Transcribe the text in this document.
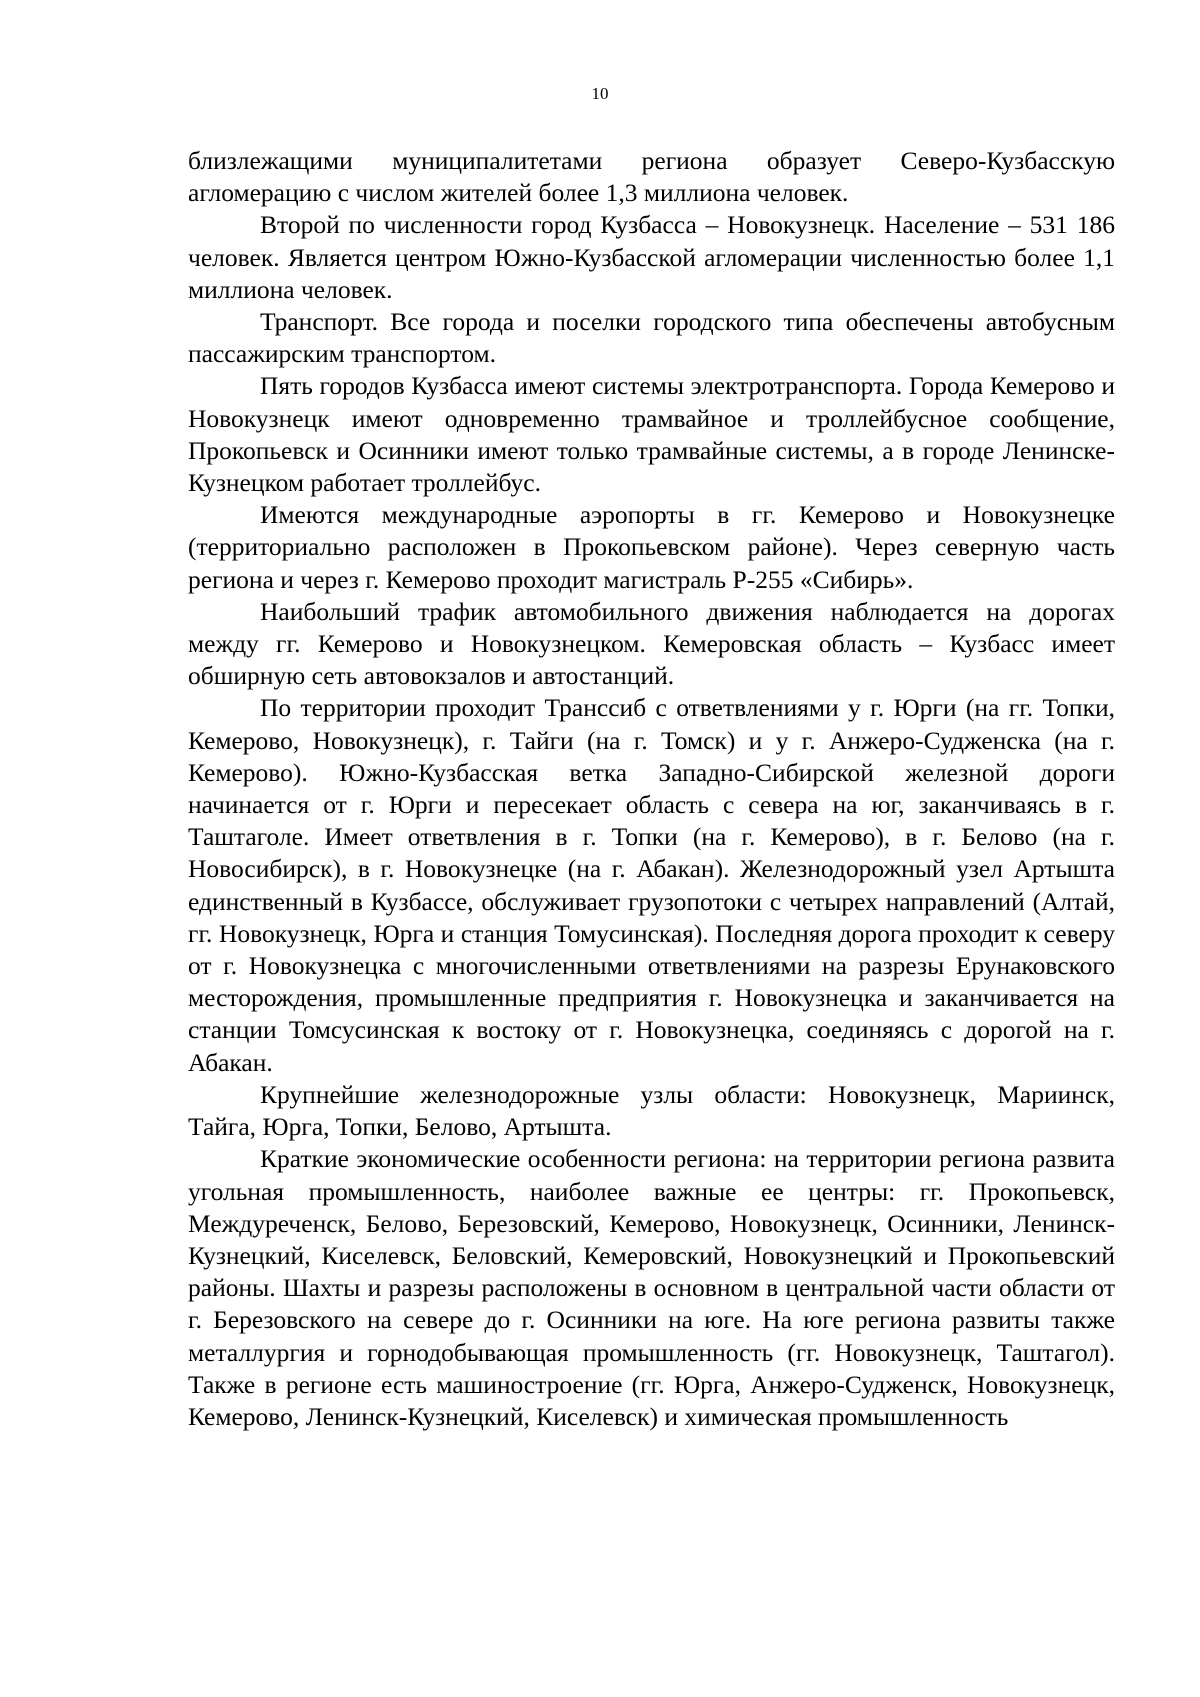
10

близлежащими муниципалитетами региона образует Северо-Кузбасскую агломерацию с числом жителей более 1,3 миллиона человек.

Второй по численности город Кузбасса – Новокузнецк. Население – 531 186 человек. Является центром Южно-Кузбасской агломерации численностью более 1,1 миллиона человек.

Транспорт. Все города и поселки городского типа обеспечены автобусным пассажирским транспортом.

Пять городов Кузбасса имеют системы электротранспорта. Города Кемерово и Новокузнецк имеют одновременно трамвайное и троллейбусное сообщение, Прокопьевск и Осинники имеют только трамвайные системы, а в городе Ленинске-Кузнецком работает троллейбус.

Имеются международные аэропорты в гг. Кемерово и Новокузнецке (территориально расположен в Прокопьевском районе). Через северную часть региона и через г. Кемерово проходит магистраль Р-255 «Сибирь».

Наибольший трафик автомобильного движения наблюдается на дорогах между гг. Кемерово и Новокузнецком. Кемеровская область – Кузбасс имеет обширную сеть автовокзалов и автостанций.

По территории проходит Транссиб с ответвлениями у г. Юрги (на гг. Топки, Кемерово, Новокузнецк), г. Тайги (на г. Томск) и у г. Анжеро-Судженска (на г. Кемерово). Южно-Кузбасская ветка Западно-Сибирской железной дороги начинается от г. Юрги и пересекает область с севера на юг, заканчиваясь в г. Таштаголе. Имеет ответвления в г. Топки (на г. Кемерово), в г. Белово (на г. Новосибирск), в г. Новокузнецке (на г. Абакан). Железнодорожный узел Артышта единственный в Кузбассе, обслуживает грузопотоки с четырех направлений (Алтай, гг. Новокузнецк, Юрга и станция Томусинская). Последняя дорога проходит к северу от г. Новокузнецка с многочисленными ответвлениями на разрезы Ерунаковского месторождения, промышленные предприятия г. Новокузнецка и заканчивается на станции Томсусинская к востоку от г. Новокузнецка, соединяясь с дорогой на г. Абакан.

Крупнейшие железнодорожные узлы области: Новокузнецк, Мариинск, Тайга, Юрга, Топки, Белово, Артышта.

Краткие экономические особенности региона: на территории региона развита угольная промышленность, наиболее важные ее центры: гг. Прокопьевск, Междуреченск, Белово, Березовский, Кемерово, Новокузнецк, Осинники, Ленинск-Кузнецкий, Киселевск, Беловский, Кемеровский, Новокузнецкий и Прокопьевский районы. Шахты и разрезы расположены в основном в центральной части области от г. Березовского на севере до г. Осинники на юге. На юге региона развиты также металлургия и горнодобывающая промышленность (гг. Новокузнецк, Таштагол). Также в регионе есть машиностроение (гг. Юрга, Анжеро-Судженск, Новокузнецк, Кемерово, Ленинск-Кузнецкий, Киселевск) и химическая промышленность
